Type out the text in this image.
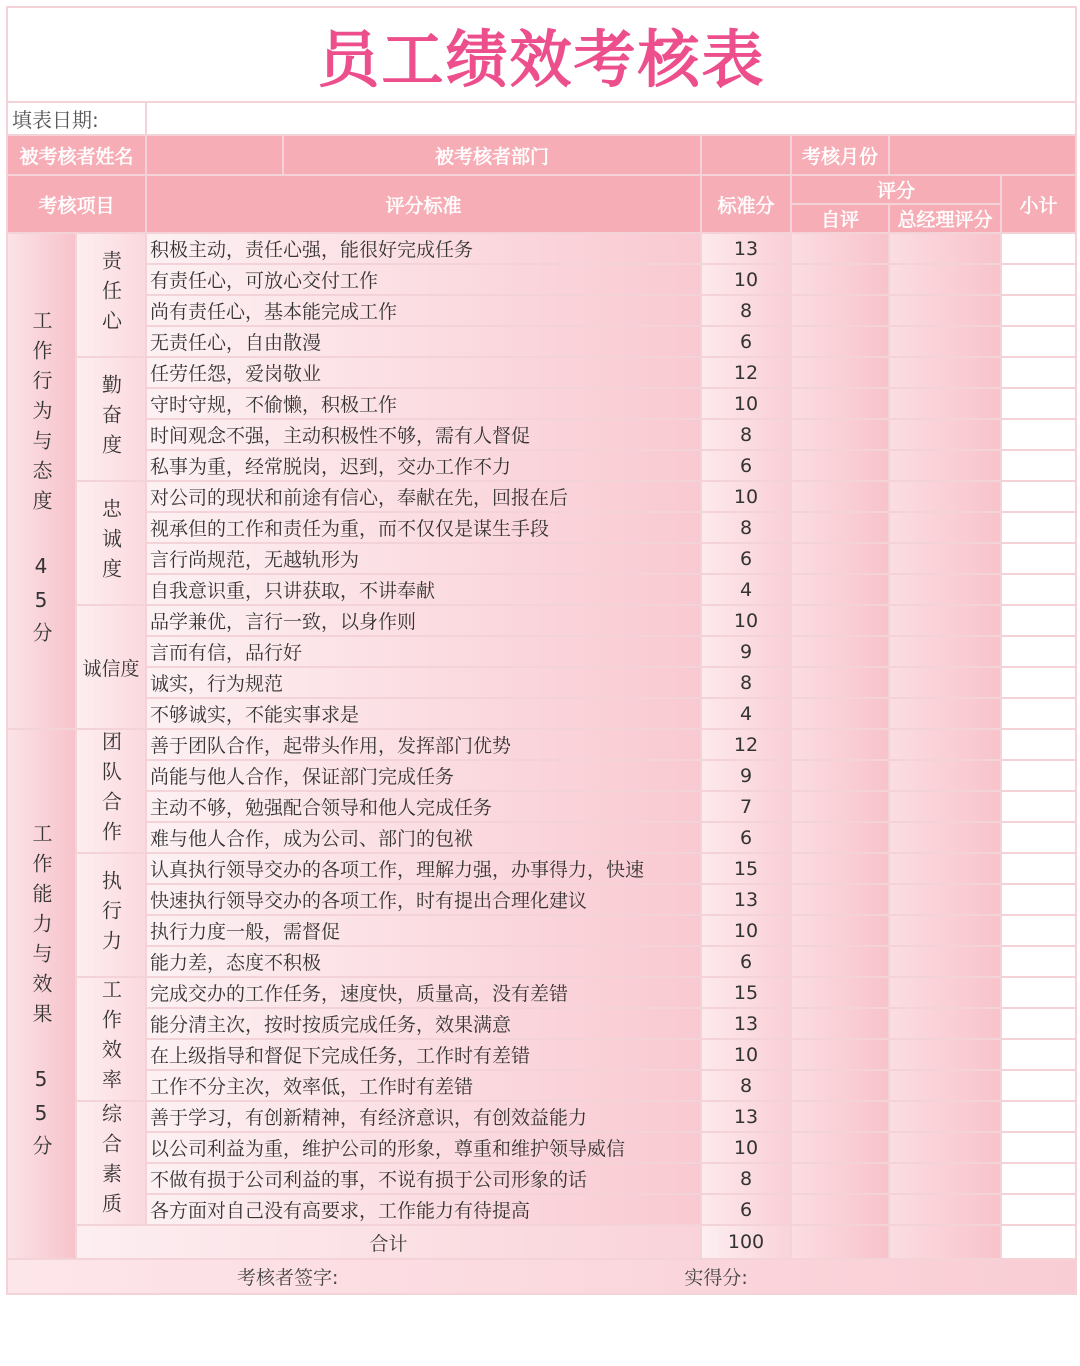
员工绩效考核表						
填表日期:						
被考核者姓名		被考核者部门		考核月份		
考核项目		评分标准	标准分	评分		小计
				自评	总经理评分	

工作行为与态度 45分	责任心	积极主动，责任心强，能很好完成任务	13			
		有责任心，可放心交付工作	10			
		尚有责任心，基本能完成工作	8			
		无责任心，自由散漫	6			

	勤奋度	任劳任怨，爱岗敬业	12			
		守时守规，不偷懒，积极工作	10			
		时间观念不强，主动积极性不够，需有人督促	8			
		私事为重，经常脱岗，迟到，交办工作不力	6			

	忠诚度	对公司的现状和前途有信心，奉献在先，回报在后	10			
		视承但的工作和责任为重，而不仅仅是谋生手段	8			
		言行尚规范，无越轨形为	6			
		自我意识重，只讲获取，不讲奉献	4			

	诚信度	品学兼优，言行一致，以身作则	10			
		言而有信，品行好	9			
		诚实，行为规范	8			
		不够诚实，不能实事求是	4			

工作能力与效果 55分	团队合作	善于团队合作，起带头作用，发挥部门优势	12			
		尚能与他人合作，保证部门完成任务	9			
		主动不够，勉强配合领导和他人完成任务	7			
		难与他人合作，成为公司、部门的包袱	6			

	执行力	认真执行领导交办的各项工作，理解力强，办事得力，快速	15			
		快速执行领导交办的各项工作，时有提出合理化建议	13			
		执行力度一般，需督促	10			
		能力差，态度不积极	6			

	工作效率	完成交办的工作任务，速度快，质量高，没有差错	15			
		能分清主次，按时按质完成任务，效果满意	13			
		在上级指导和督促下完成任务，工作时有差错	10			
		工作不分主次，效率低，工作时有差错	8			

	综合素质	善于学习，有创新精神，有经济意识，有创效益能力	13			
		以公司利益为重，维护公司的形象，尊重和维护领导威信	10			
		不做有损于公司利益的事，不说有损于公司形象的话	8			
		各方面对自己没有高要求，工作能力有待提高	6			
	合计		100			

考核者签字: 实得分:						
